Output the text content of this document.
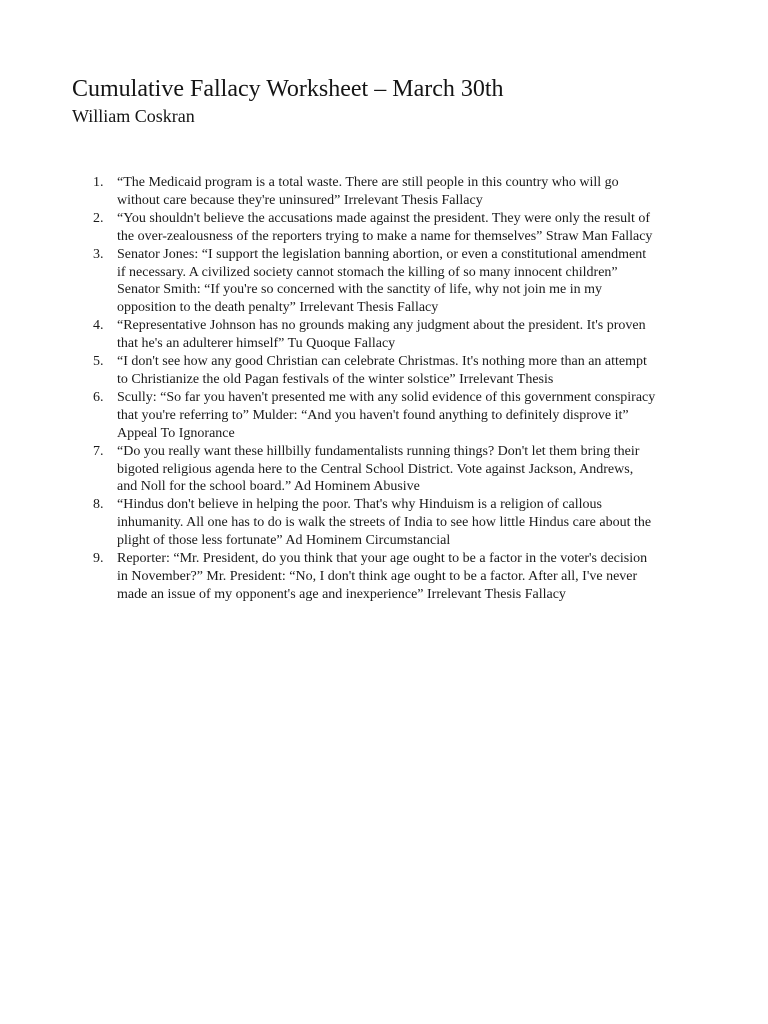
Cumulative Fallacy Worksheet – March 30th
William Coskran
1. “The Medicaid program is a total waste. There are still people in this country who will go
without care because they're uninsured” Irrelevant Thesis Fallacy
2. “You shouldn't believe the accusations made against the president. They were only the result of
the over-zealousness of the reporters trying to make a name for themselves” Straw Man Fallacy
3. Senator Jones: “I support the legislation banning abortion, or even a constitutional amendment
if necessary. A civilized society cannot stomach the killing of so many innocent children”
Senator Smith: “If you're so concerned with the sanctity of life, why not join me in my
opposition to the death penalty” Irrelevant Thesis Fallacy
4. “Representative Johnson has no grounds making any judgment about the president. It's proven
that he's an adulterer himself” Tu Quoque Fallacy
5. “I don't see how any good Christian can celebrate Christmas. It's nothing more than an attempt
to Christianize the old Pagan festivals of the winter solstice” Irrelevant Thesis
6. Scully: “So far you haven't presented me with any solid evidence of this government conspiracy
that you're referring to” Mulder: “And you haven't found anything to definitely disprove it”
Appeal To Ignorance
7. “Do you really want these hillbilly fundamentalists running things? Don't let them bring their
bigoted religious agenda here to the Central School District. Vote against Jackson, Andrews,
and Noll for the school board.” Ad Hominem Abusive
8. “Hindus don't believe in helping the poor. That's why Hinduism is a religion of callous
inhumanity. All one has to do is walk the streets of India to see how little Hindus care about the
plight of those less fortunate” Ad Hominem Circumstancial
9. Reporter: “Mr. President, do you think that your age ought to be a factor in the voter's decision
in November?” Mr. President: “No, I don't think age ought to be a factor. After all, I've never
made an issue of my opponent's age and inexperience” Irrelevant Thesis Fallacy
